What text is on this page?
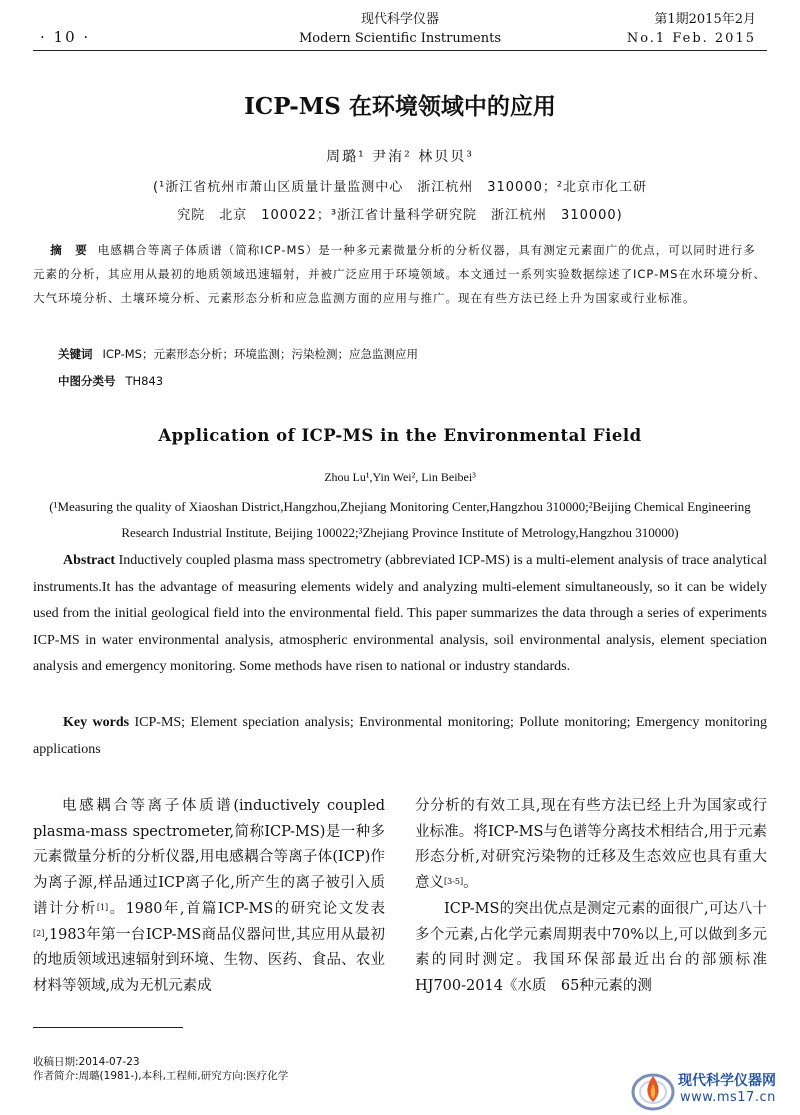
· 10 ·
现代科学仪器
Modern Scientific Instruments
第1期2015年2月
No.1 Feb. 2015
ICP-MS 在环境领域中的应用
周璐¹ 尹洧² 林贝贝³
(¹浙江省杭州市萧山区质量计量监测中心　浙江杭州　310000；²北京市化工研
究院　北京　100022；³浙江省计量科学研究院　浙江杭州　310000)
摘　要 电感耦合等离子体质谱（简称ICP-MS）是一种多元素微量分析的分析仪器，具有测定元素面广的优点，可以同时进行多元素的分析，其应用从最初的地质领域迅速辐射，并被广泛应用于环境领域。本文通过一系列实验数据综述了ICP-MS在水环境分析、大气环境分析、土壤环境分析、元素形态分析和应急监测方面的应用与推广。现在有些方法已经上升为国家或行业标准。
关键词 ICP-MS；元素形态分析；环境监测；污染检测；应急监测应用
中图分类号 TH843
Application of ICP-MS in the Environmental Field
Zhou Lu¹,Yin Wei², Lin Beibei³
(¹Measuring the quality of Xiaoshan District,Hangzhou,Zhejiang Monitoring Center,Hangzhou 310000;²Beijing Chemical Engineering
Research Industrial Institute, Beijing 100022;³Zhejiang Province Institute of Metrology,Hangzhou 310000)
Abstract Inductively coupled plasma mass spectrometry (abbreviated ICP-MS) is a multi-element analysis of trace analytical instruments.It has the advantage of measuring elements widely and analyzing multi-element simultaneously, so it can be widely used from the initial geological field into the environmental field. This paper summarizes the data through a series of experiments ICP-MS in water environmental analysis, atmospheric environmental analysis, soil environmental analysis, element speciation analysis and emergency monitoring. Some methods have risen to national or industry standards.
Key words ICP-MS; Element speciation analysis; Environmental monitoring; Pollute monitoring; Emergency monitoring applications

电感耦合等离子体质谱(inductively coupled plasma-mass spectrometer,简称ICP-MS)是一种多元素微量分析的分析仪器,用电感耦合等离子体(ICP)作为离子源,样品通过ICP离子化,所产生的离子被引入质谱计分析[1]。1980年,首篇ICP-MS的研究论文发表[2],1983年第一台ICP-MS商品仪器问世,其应用从最初的地质领域迅速辐射到环境、生物、医药、食品、农业材料等领域,成为无机元素成

分分析的有效工具,现在有些方法已经上升为国家或行业标准。将ICP-MS与色谱等分离技术相结合,用于元素形态分析,对研究污染物的迁移及生态效应也具有重大意义[3-5]。

ICP-MS的突出优点是测定元素的面很广,可达八十多个元素,占化学元素周期表中70%以上,可以做到多元素的同时测定。我国环保部最近出台的部颁标准HJ700-2014《水质　65种元素的测

收稿日期:2014-07-23
作者简介:周璐(1981-),本科,工程师,研究方向:医疗化学	现代科学仪器网
www.ms17.cn
